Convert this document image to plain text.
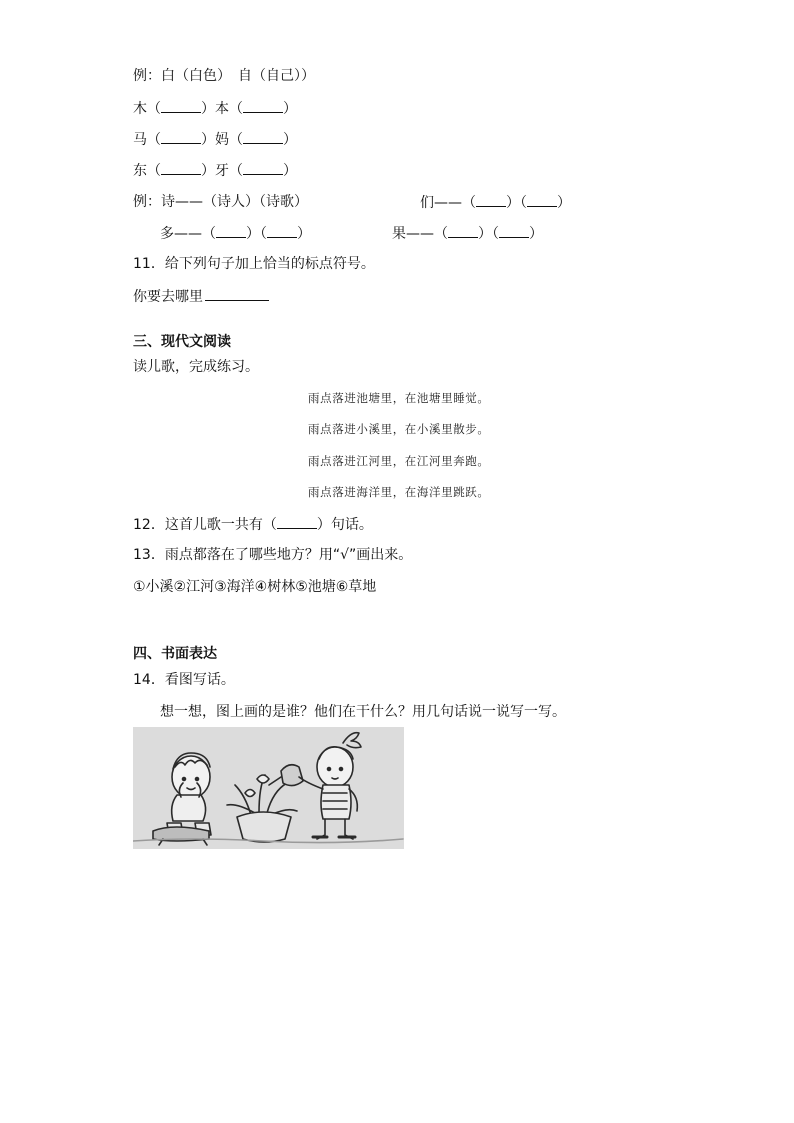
例：白（白色）　自（自己））
木（	）本（	）
马（	）妈（	）
东（	）牙（	）
例：诗——（诗人）（诗歌）	们——（ ）（ ）
多——（ ）（ ）	果——（ ）（ ）
11．给下列句子加上恰当的标点符号。
你要去哪里
三、现代文阅读
读儿歌，完成练习。
雨点落进池塘里，在池塘里睡觉。
雨点落进小溪里，在小溪里散步。
雨点落进江河里，在江河里奔跑。
雨点落进海洋里，在海洋里跳跃。
12．这首儿歌一共有（	）句话。
13．雨点都落在了哪些地方？用“√”画出来。
①小溪②江河③海洋④树林⑤池塘⑥草地
四、书面表达
14．看图写话。
想一想，图上画的是谁？他们在干什么？用几句话说一说写一写。
